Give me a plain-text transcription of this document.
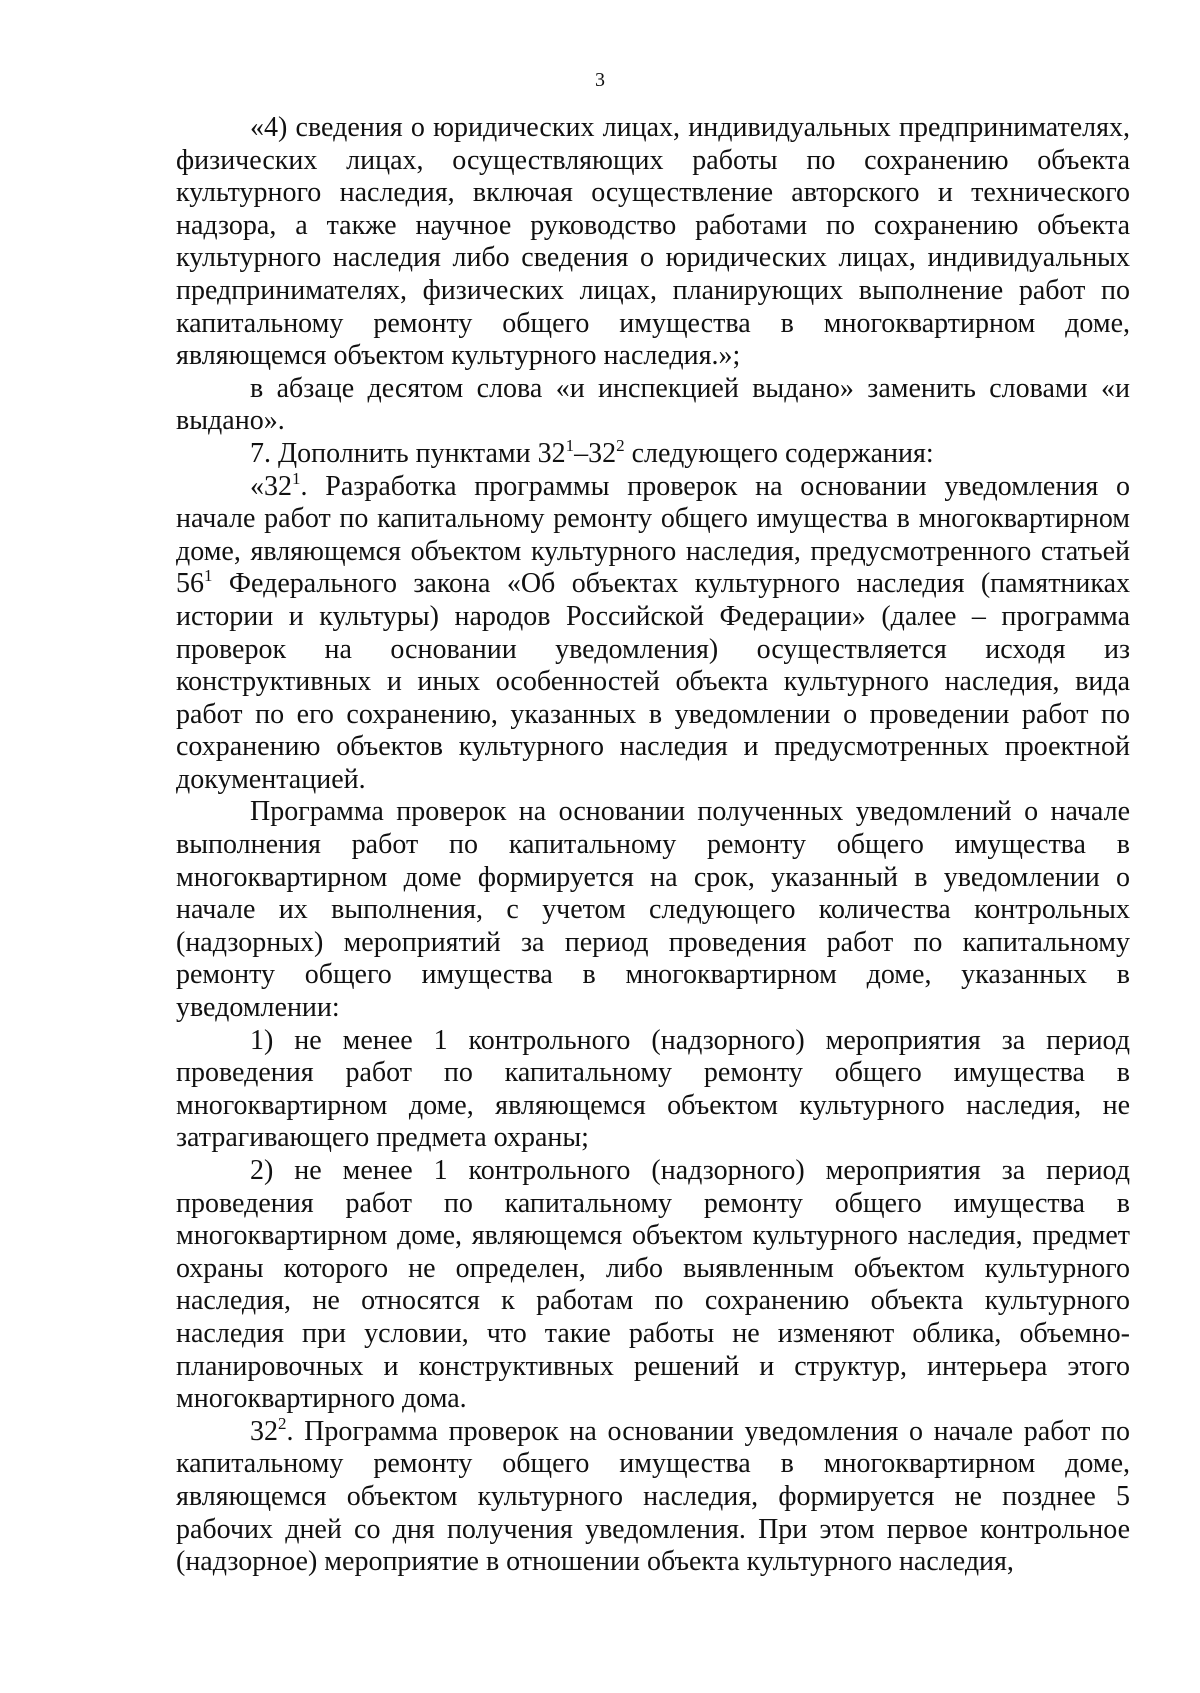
3

«4) сведения о юридических лицах, индивидуальных предпринимателях, физических лицах, осуществляющих работы по сохранению объекта культурного наследия, включая осуществление авторского и технического надзора, а также научное руководство работами по сохранению объекта культурного наследия либо сведения о юридических лицах, индивидуальных предпринимателях, физических лицах, планирующих выполнение работ по капитальному ремонту общего имущества в многоквартирном доме, являющемся объектом культурного наследия.»;

в абзаце десятом слова «и инспекцией выдано» заменить словами «и выдано».

7. Дополнить пунктами $32^1-32^2$ следующего содержания:

«$32^1$. Разработка программы проверок на основании уведомления о начале работ по капитальному ремонту общего имущества в многоквартирном доме, являющемся объектом культурного наследия, предусмотренного статьей $56^1$ Федерального закона «Об объектах культурного наследия (памятниках истории и культуры) народов Российской Федерации» (далее – программа проверок на основании уведомления) осуществляется исходя из конструктивных и иных особенностей объекта культурного наследия, вида работ по его сохранению, указанных в уведомлении о проведении работ по сохранению объектов культурного наследия и предусмотренных проектной документацией.

Программа проверок на основании полученных уведомлений о начале выполнения работ по капитальному ремонту общего имущества в многоквартирном доме формируется на срок, указанный в уведомлении о начале их выполнения, с учетом следующего количества контрольных (надзорных) мероприятий за период проведения работ по капитальному ремонту общего имущества в многоквартирном доме, указанных в уведомлении:

1) не менее 1 контрольного (надзорного) мероприятия за период проведения работ по капитальному ремонту общего имущества в многоквартирном доме, являющемся объектом культурного наследия, не затрагивающего предмета охраны;

2) не менее 1 контрольного (надзорного) мероприятия за период проведения работ по капитальному ремонту общего имущества в многоквартирном доме, являющемся объектом культурного наследия, предмет охраны которого не определен, либо выявленным объектом культурного наследия, не относятся к работам по сохранению объекта культурного наследия при условии, что такие работы не изменяют облика, объемно-планировочных и конструктивных решений и структур, интерьера этого многоквартирного дома.

$32^2$. Программа проверок на основании уведомления о начале работ по капитальному ремонту общего имущества в многоквартирном доме, являющемся объектом культурного наследия, формируется не позднее 5 рабочих дней со дня получения уведомления. При этом первое контрольное (надзорное) мероприятие в отношении объекта культурного наследия,
